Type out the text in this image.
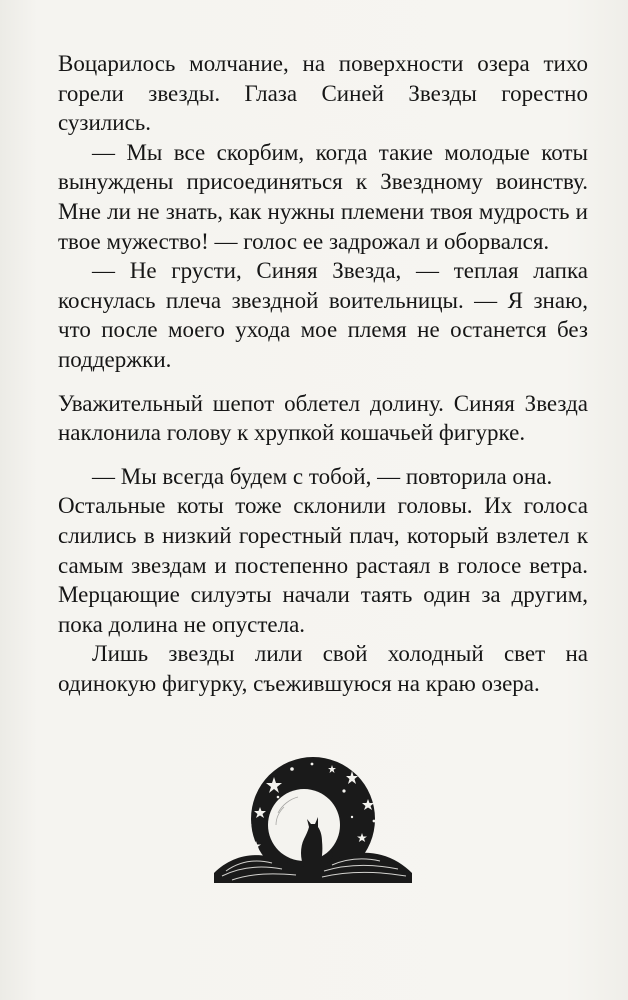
Воцарилось молчание, на поверхности озера тихо горели звезды. Глаза Синей Звезды горестно сузились.

— Мы все скорбим, когда такие молодые коты вынуждены присоединяться к Звездному воинству. Мне ли не знать, как нужны племени твоя мудрость и твое мужество! — голос ее задрожал и оборвался.

— Не грусти, Синяя Звезда, — теплая лапка коснулась плеча звездной воительницы. — Я знаю, что после моего ухода мое племя не останется без поддержки.

Уважительный шепот облетел долину. Синяя Звезда наклонила голову к хрупкой кошачьей фигурке.

— Мы всегда будем с тобой, — повторила она.

Остальные коты тоже склонили головы. Их голоса слились в низкий горестный плач, который взлетел к самым звездам и постепенно растаял в голосе ветра. Мерцающие силуэты начали таять один за другим, пока долина не опустела.

Лишь звезды лили свой холодный свет на одинокую фигурку, съежившуюся на краю озера.
